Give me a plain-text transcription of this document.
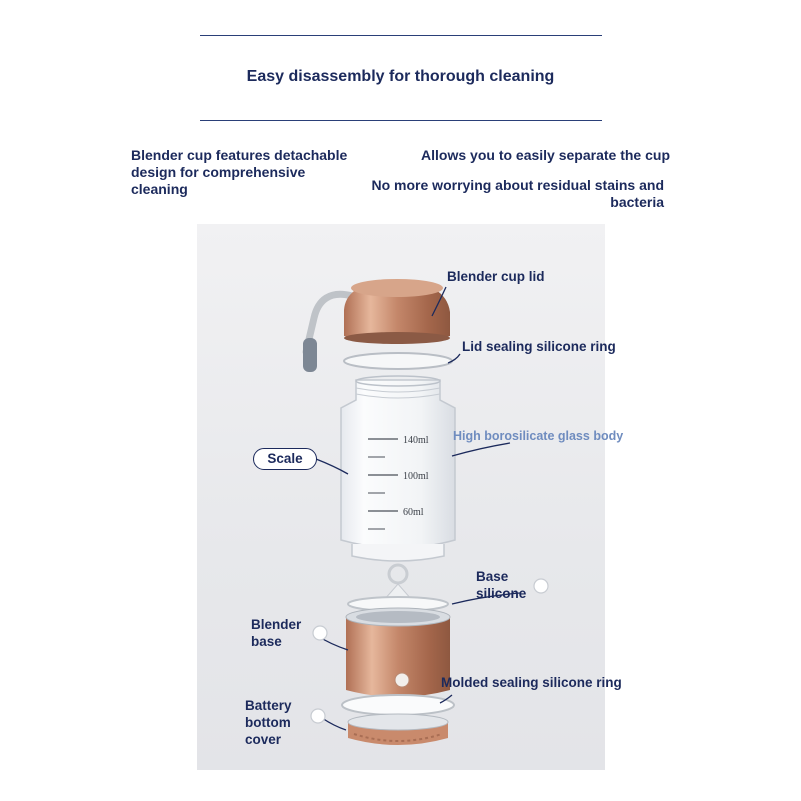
Easy disassembly for thorough cleaning
Blender cup features detachable design for comprehensive cleaning
Allows you to easily separate the cup
No more worrying about residual stains and bacteria
140ml
100ml
60ml
Blender cup lid
Lid sealing silicone ring
High borosilicate glass body
Scale
Base
silicone
Blender
base
Molded sealing silicone ring
Battery
bottom
cover
